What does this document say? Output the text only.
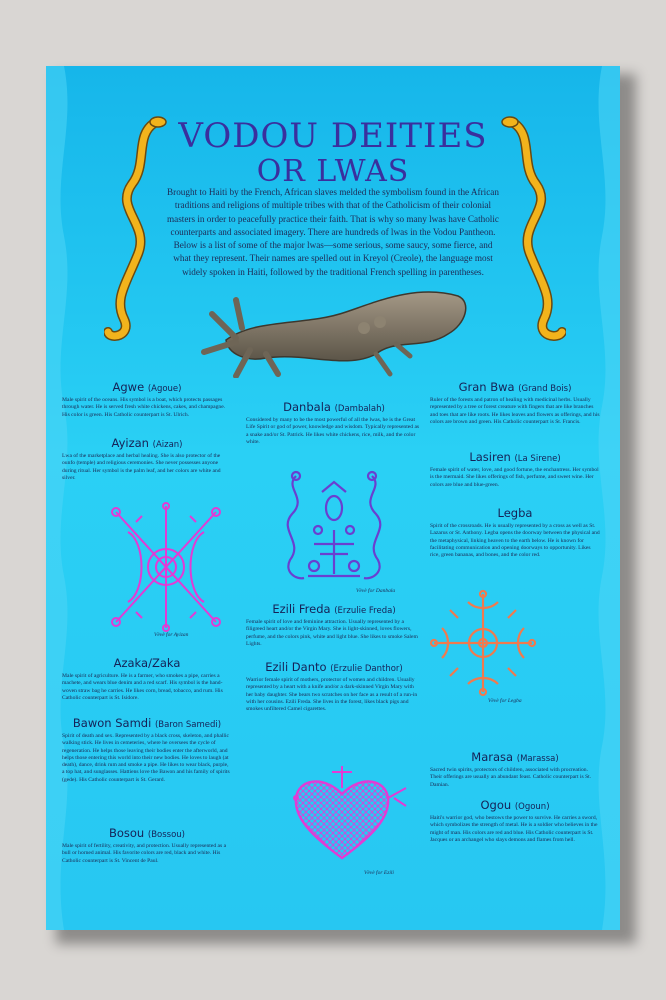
VODOU DEITIES
OR LWAS
Brought to Haiti by the French, African slaves melded the symbolism found in the African traditions and religions of multiple tribes with that of the Catholicism of their colonial masters in order to peacefully practice their faith. That is why so many lwas have Catholic counterparts and associated imagery. There are hundreds of lwas in the Vodou Pantheon. Below is a list of some of the major lwas—some serious, some saucy, some fierce, and what they represent. Their names are spelled out in Kreyol (Creole), the language most widely spoken in Haiti, followed by the traditional French spelling in parentheses.
Agwe (Agoue)

Male spirit of the oceans. His symbol is a boat, which protects passages through water. He is served fresh white chickens, cakes, and champagne. His color is green. His Catholic counterpart is St. Ulrich.

Ayizan (Aizan)

Lwa of the marketplace and herbal healing. She is also protector of the ounfo (temple) and religious ceremonies. She never possesses anyone during ritual. Her symbol is the palm leaf, and her colors are white and silver.

Vèvè for Ayizan
Azaka/Zaka

Male spirit of agriculture. He is a farmer, who smokes a pipe, carries a machete, and wears blue denim and a red scarf. His symbol is the hand-woven straw bag he carries. He likes corn, bread, tobacco, and rum. His Catholic counterpart is St. Isidore.

Bawon Samdi (Baron Samedi)

Spirit of death and sex. Represented by a black cross, skeleton, and phallic walking stick. He lives in cemeteries, where he oversees the cycle of regeneration. He helps those leaving their bodies enter the afterworld, and helps those entering this world into their new bodies. He loves to laugh (at death), dance, drink rum and smoke a pipe. He likes to wear black, purple, a top hat, and sunglasses. Hattiens love the Bawon and his family of spirits (gede). His Catholic counterpart is St. Gerard.

Bosou (Bossou)

Male spirit of fertility, creativity, and protection. Usually represented as a bull or horned animal. His favorite colors are red, black and white. His Catholic counterpart is St. Vincent de Paul.

Danbala (Dambalah)

Considered by many to be the most powerful of all the lwas, he is the Great Life Spirit or god of power, knowledge and wisdom. Typically represented as a snake and/or St. Patrick. He likes white chickens, rice, milk, and the color white.

Vèvè for Danbala
Ezili Freda (Erzulie Freda)

Female spirit of love and feminine attraction. Usually represented by a filigreed heart and/or the Virgin Mary. She is light-skinned, loves flowers, perfume, and the colors pink, white and light blue. She likes to smoke Salem Lights.

Ezili Danto (Erzulie Danthor)

Warrior female spirit of mothers, protector of women and children. Usually represented by a heart with a knife and/or a dark-skinned Virgin Mary with her baby daughter. She bears two scratches on her face as a result of a run-in with her cousins. Ezili Freda. She lives in the forest, likes black pigs and smokes unfiltered Camel cigarettes.

Vèvè for Ezili
Gran Bwa (Grand Bois)

Ruler of the forests and patron of healing with medicinal herbs. Usually represented by a tree or forest creature with fingers that are like branches and toes that are like roots. He likes leaves and flowers as offerings, and his colors are brown and green. His Catholic counterpart is St. Francis.

Lasiren (La Sirene)

Female spirit of water, love, and good fortune, the enchantress. Her symbol is the mermaid. She likes offerings of fish, perfume, and sweet wine. Her colors are blue and blue-green.

Legba

Spirit of the crossroads. He is usually represented by a cross as well as St. Lazarus or St. Anthony. Legba opens the doorway between the physical and the metaphysical, linking heaven to the earth below. He is known for facilitating communication and opening doorways to opportunity. Likes rice, green bananas, and bones, and the color red.

Vèvè for Legba
Marasa (Marassa)

Sacred twin spirits, protectors of children, associated with procreation. Their offerings are usually an abundant feast. Catholic counterpart is St. Damian.

Ogou (Ogoun)

Haiti's warrior god, who bestows the power to survive. He carries a sword, which symbolizes the strength of metal. He is a soldier who believes in the might of man. His colors are red and blue. His Catholic counterpart is St. Jacques or an archangel who slays demons and flames from hell.
